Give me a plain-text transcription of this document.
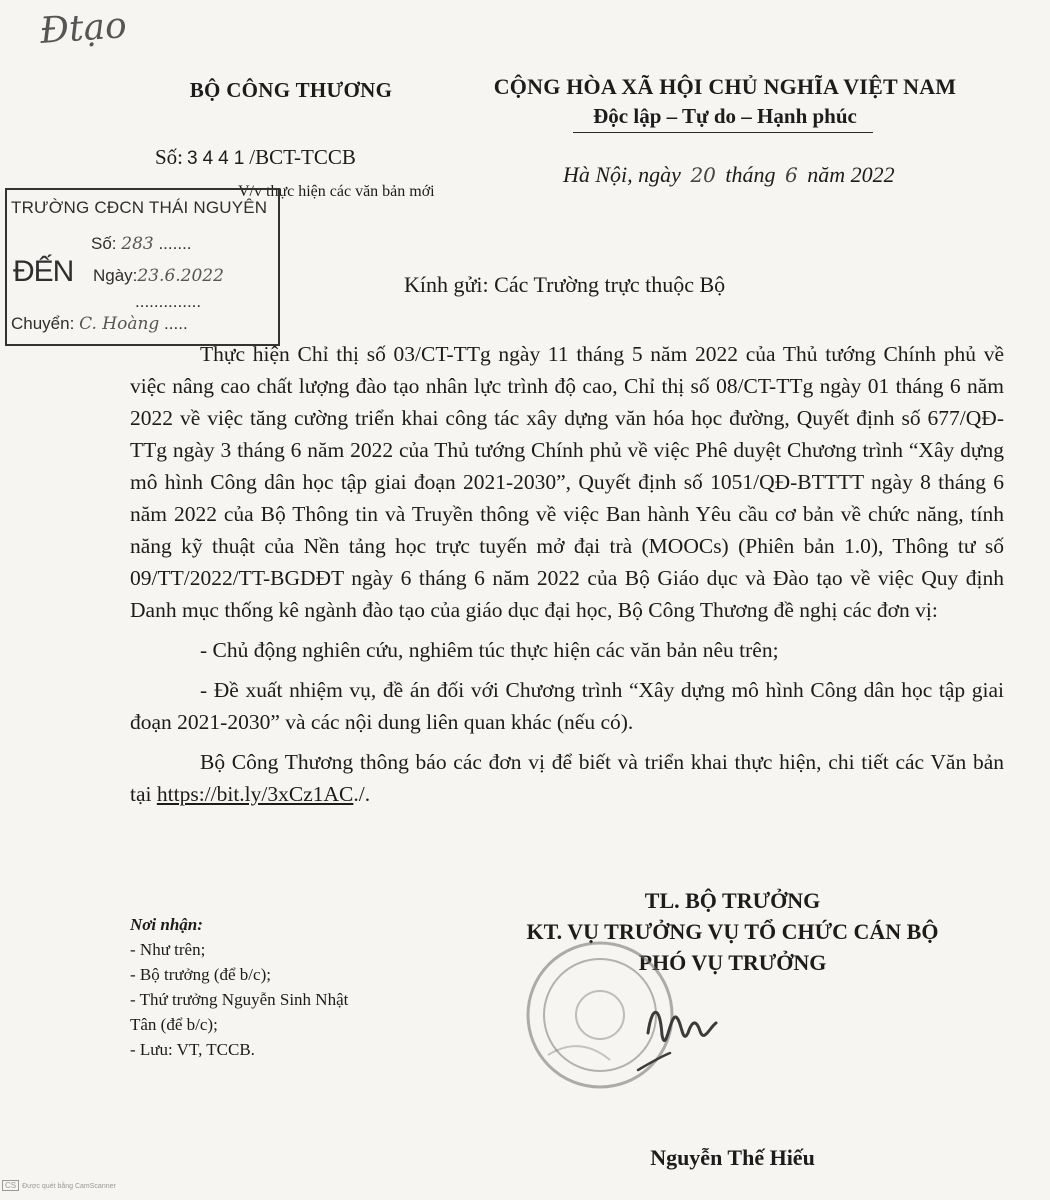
Đtạo
BỘ CÔNG THƯƠNG	CỘNG HÒA XÃ HỘI CHỦ NGHĨA VIỆT NAM
Độc lập – Tự do – Hạnh phúc
Số: 3441/BCT-TCCB
V/v thực hiện các văn bản mới
Hà Nội, ngày 20 tháng 6 năm 2022
TRƯỜNG CĐCN THÁI NGUYÊN
ĐẾN
Số: 283 .......
Ngày:23.6.2022
..............
Chuyển: C. Hoàng .....
Kính gửi: Các Trường trực thuộc Bộ

Thực hiện Chỉ thị số 03/CT-TTg ngày 11 tháng 5 năm 2022 của Thủ tướng Chính phủ về việc nâng cao chất lượng đào tạo nhân lực trình độ cao, Chỉ thị số 08/CT-TTg ngày 01 tháng 6 năm 2022 về việc tăng cường triển khai công tác xây dựng văn hóa học đường, Quyết định số 677/QĐ-TTg ngày 3 tháng 6 năm 2022 của Thủ tướng Chính phủ về việc Phê duyệt Chương trình “Xây dựng mô hình Công dân học tập giai đoạn 2021-2030”, Quyết định số 1051/QĐ-BTTTT ngày 8 tháng 6 năm 2022 của Bộ Thông tin và Truyền thông về việc Ban hành Yêu cầu cơ bản về chức năng, tính năng kỹ thuật của Nền tảng học trực tuyến mở đại trà (MOOCs) (Phiên bản 1.0), Thông tư số 09/TT/2022/TT-BGDĐT ngày 6 tháng 6 năm 2022 của Bộ Giáo dục và Đào tạo về việc Quy định Danh mục thống kê ngành đào tạo của giáo dục đại học, Bộ Công Thương đề nghị các đơn vị:

- Chủ động nghiên cứu, nghiêm túc thực hiện các văn bản nêu trên;

- Đề xuất nhiệm vụ, đề án đối với Chương trình “Xây dựng mô hình Công dân học tập giai đoạn 2021-2030” và các nội dung liên quan khác (nếu có).

Bộ Công Thương thông báo các đơn vị để biết và triển khai thực hiện, chi tiết các Văn bản tại https://bit.ly/3xCz1AC./.

TL. BỘ TRƯỞNG
KT. VỤ TRƯỞNG VỤ TỔ CHỨC CÁN BỘ
PHÓ VỤ TRƯỞNG
Nơi nhận:
- Như trên;
- Bộ trưởng (để b/c);
- Thứ trưởng Nguyễn Sinh Nhật
Tân (để b/c);
- Lưu: VT, TCCB.
Nguyễn Thế Hiếu
CS Được quét bằng CamScanner
